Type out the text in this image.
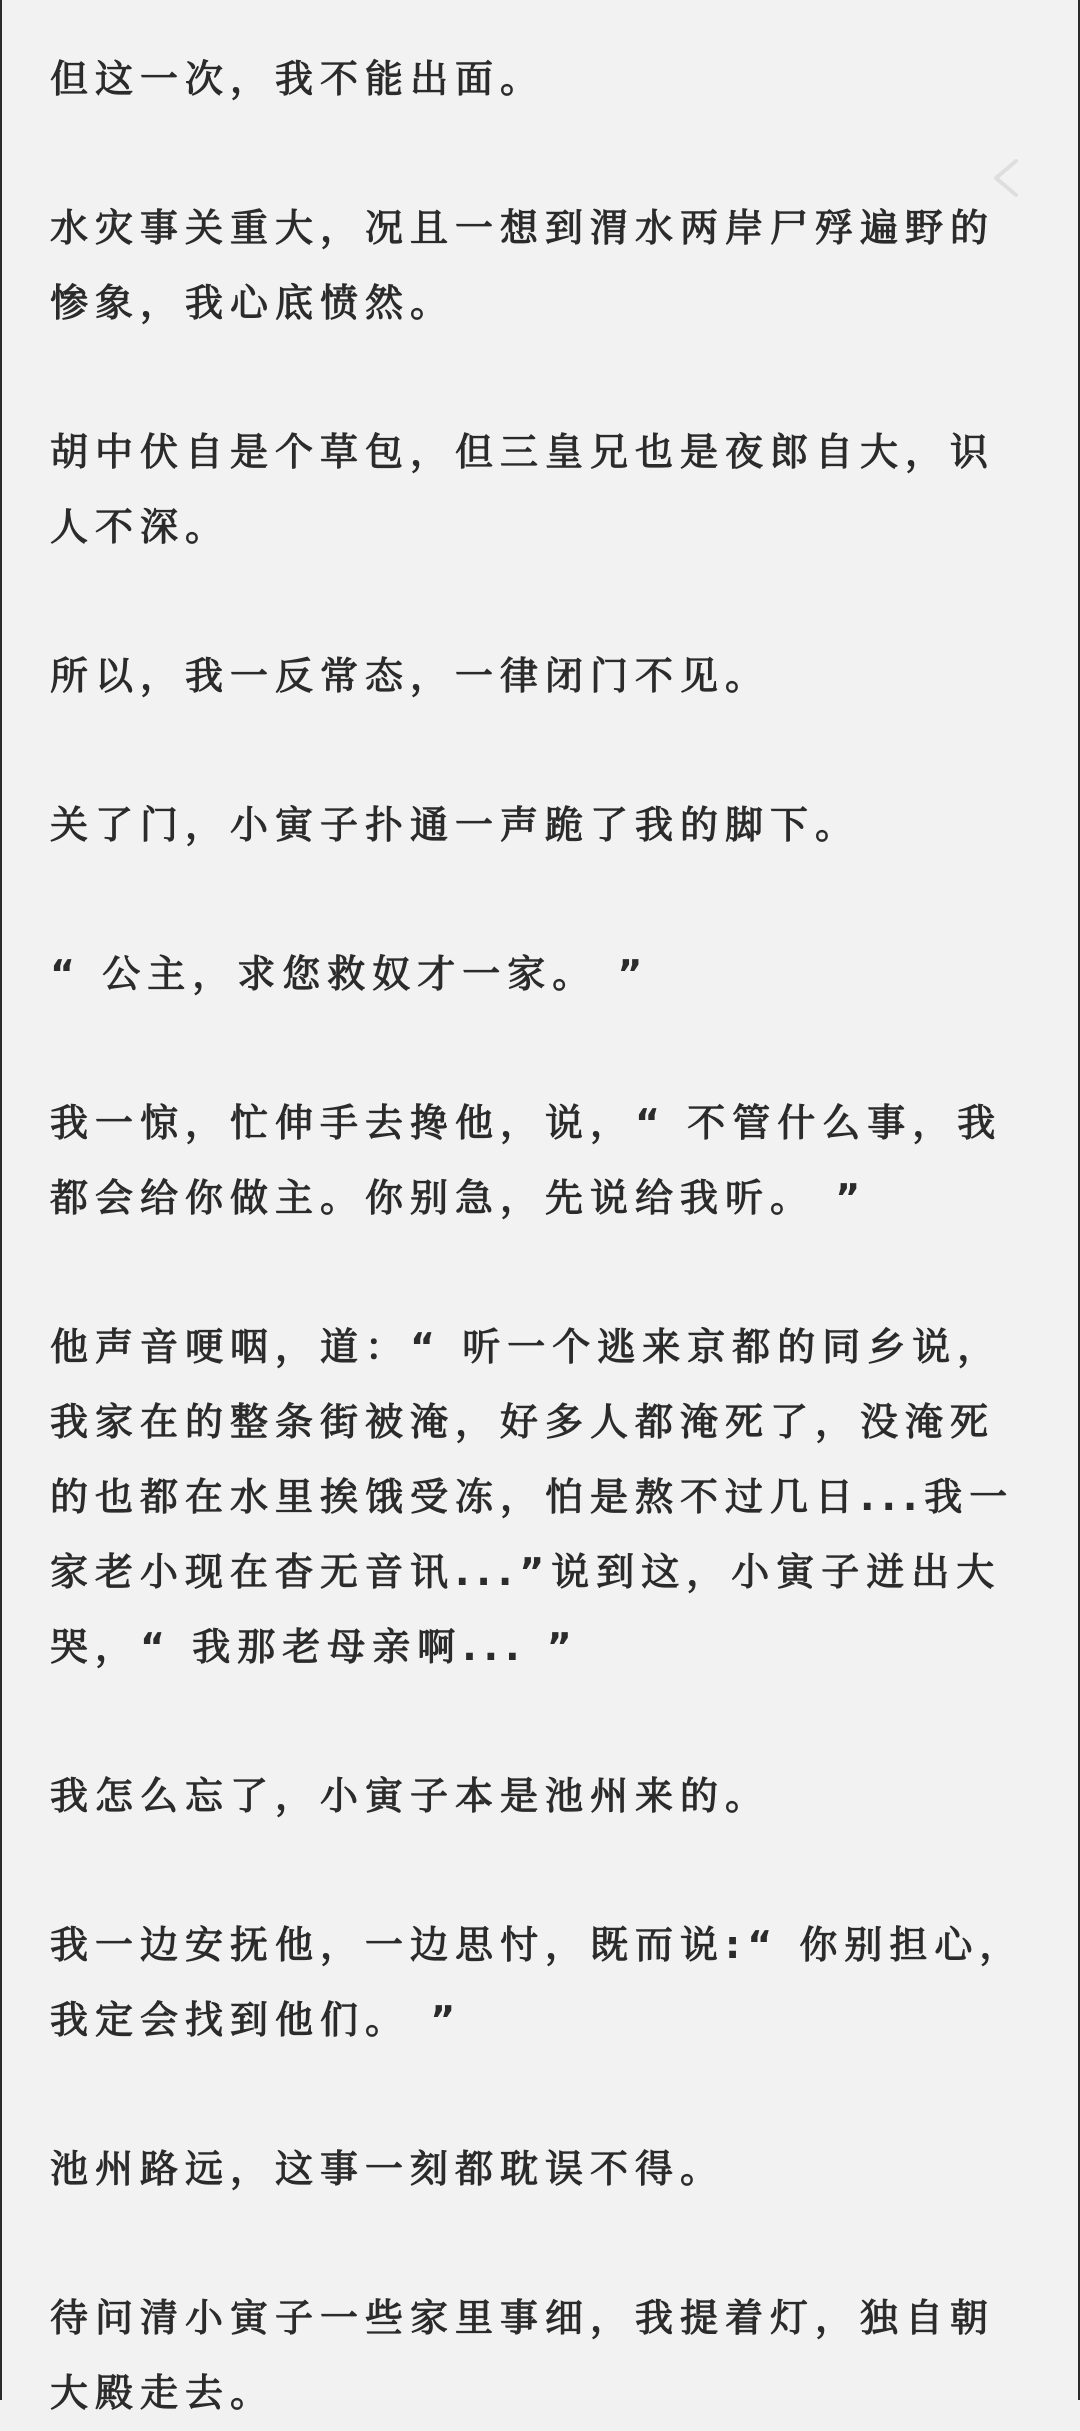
但这一次，我不能出面。

水灾事关重大，况且一想到渭水两岸尸殍遍野的
惨象，我心底愤然。

胡中伏自是个草包，但三皇兄也是夜郎自大，识
人不深。

所以，我一反常态，一律闭门不见。

关了门，小寅子扑通一声跪了我的脚下。

“ 公主，求您救奴才一家。 ”

我一惊，忙伸手去搀他，说，“ 不管什么事，我
都会给你做主。你别急，先说给我听。 ”

他声音哽咽，道：“ 听一个逃来京都的同乡说，
我家在的整条街被淹，好多人都淹死了，没淹死
的也都在水里挨饿受冻，怕是熬不过几日...我一
家老小现在杳无音讯...”说到这，小寅子迸出大
哭，“ 我那老母亲啊... ”

我怎么忘了，小寅子本是池州来的。

我一边安抚他，一边思忖，既而说:“ 你别担心，
我定会找到他们。 ”

池州路远，这事一刻都耽误不得。

待问清小寅子一些家里事细，我提着灯，独自朝
大殿走去。
